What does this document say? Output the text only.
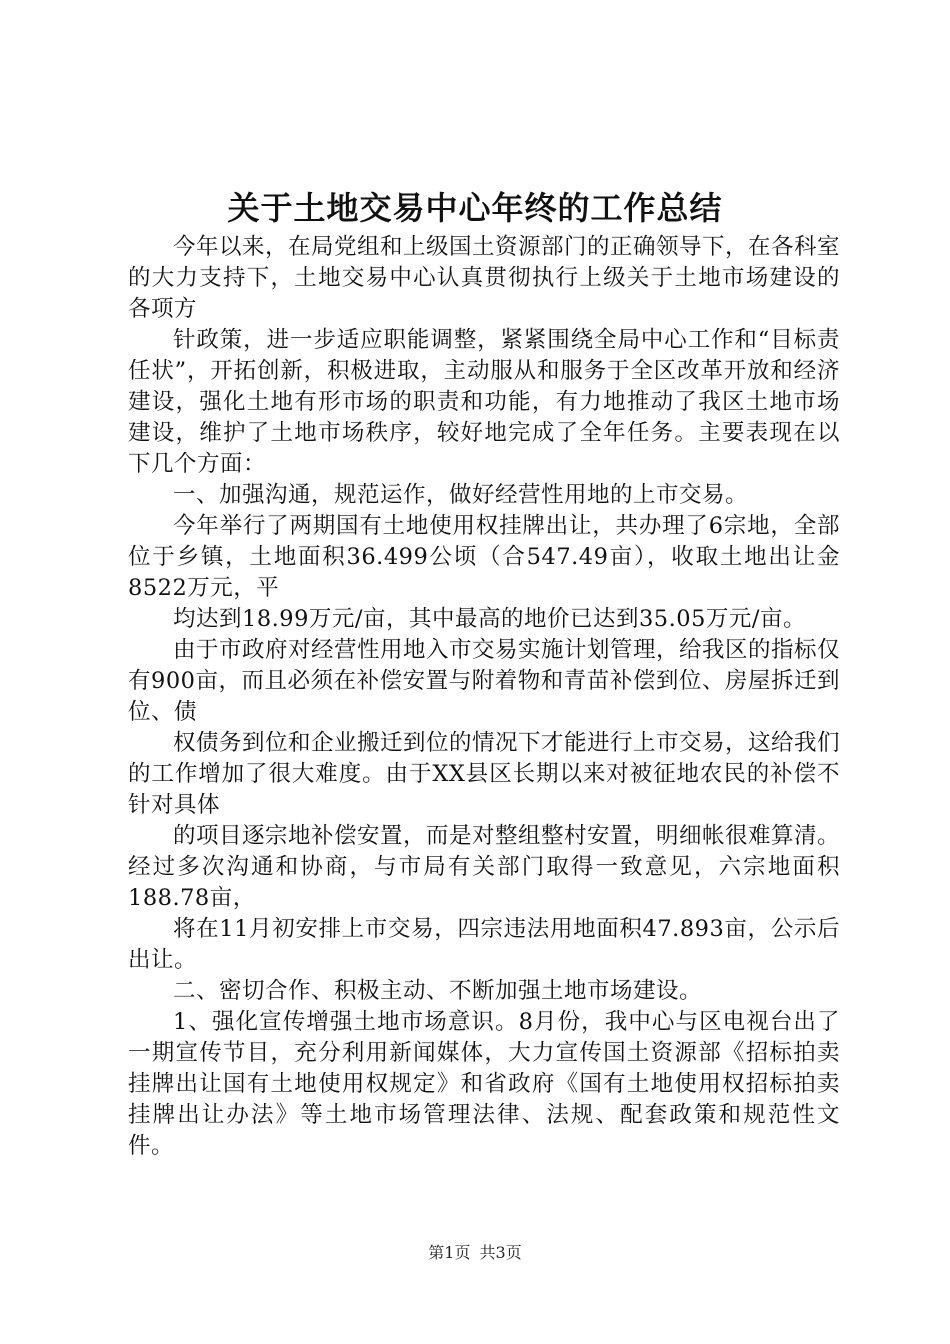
关于土地交易中心年终的工作总结

今年以来，在局党组和上级国土资源部门的正确领导下，在各科室的大力支持下，土地交易中心认真贯彻执行上级关于土地市场建设的各项方

针政策，进一步适应职能调整，紧紧围绕全局中心工作和“目标责任状”，开拓创新，积极进取，主动服从和服务于全区改革开放和经济建设，强化土地有形市场的职责和功能，有力地推动了我区土地市场建设，维护了土地市场秩序，较好地完成了全年任务。主要表现在以下几个方面：

一、加强沟通，规范运作，做好经营性用地的上市交易。

今年举行了两期国有土地使用权挂牌出让，共办理了6宗地，全部位于乡镇，土地面积36.499公顷（合547.49亩），收取土地出让金8522万元，平

均达到18.99万元/亩，其中最高的地价已达到35.05万元/亩。

由于市政府对经营性用地入市交易实施计划管理，给我区的指标仅有900亩，而且必须在补偿安置与附着物和青苗补偿到位、房屋拆迁到位、债

权债务到位和企业搬迁到位的情况下才能进行上市交易，这给我们的工作增加了很大难度。由于XX县区长期以来对被征地农民的补偿不针对具体

的项目逐宗地补偿安置，而是对整组整村安置，明细帐很难算清。经过多次沟通和协商，与市局有关部门取得一致意见，六宗地面积188.78亩，

将在11月初安排上市交易，四宗违法用地面积47.893亩，公示后出让。

二、密切合作、积极主动、不断加强土地市场建设。

1、强化宣传增强土地市场意识。8月份，我中心与区电视台出了一期宣传节目，充分利用新闻媒体，大力宣传国土资源部《招标拍卖挂牌出让国有土地使用权规定》和省政府《国有土地使用权招标拍卖挂牌出让办法》等土地市场管理法律、法规、配套政策和规范性文件。

第1页 共3页
